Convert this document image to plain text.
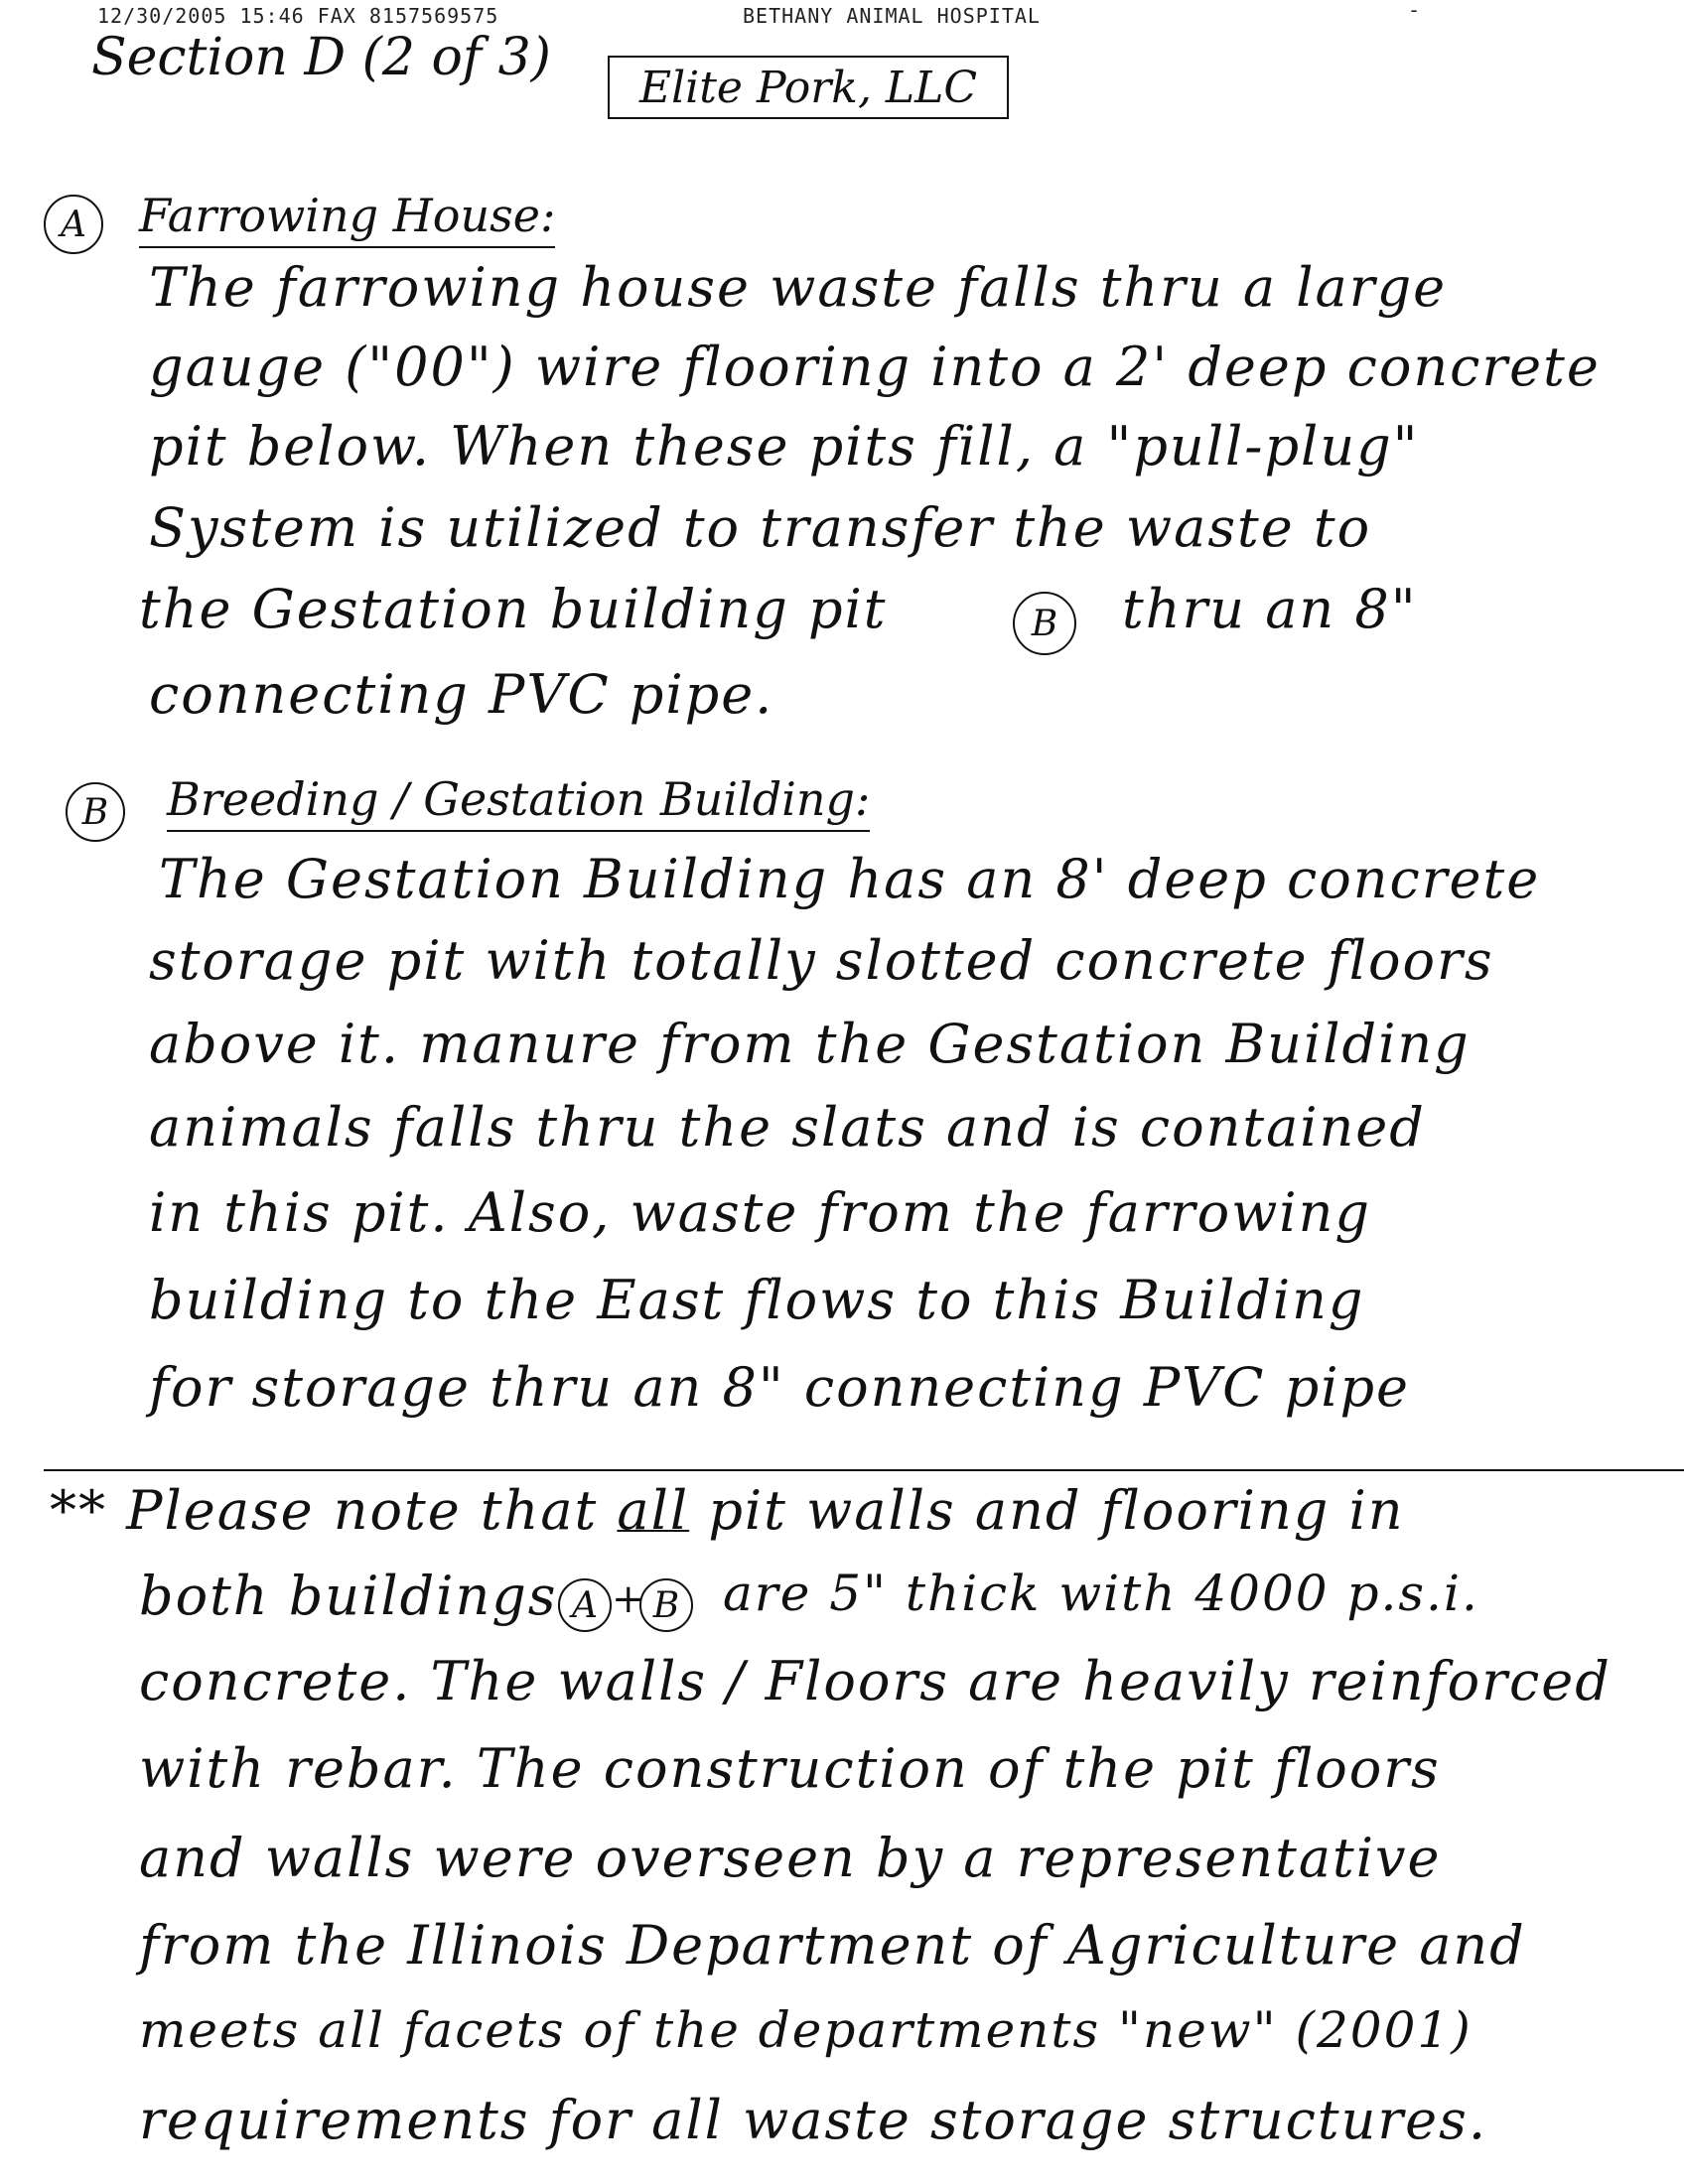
12/30/2005 15:46 FAX 8157569575	BETHANY ANIMAL HOSPITAL	-
Section D (2 of 3) Elite Pork, LLC
A Farrowing House:
The farrowing house waste falls thru a large
gauge ("00") wire flooring into a 2' deep concrete
pit below. When these pits fill, a "pull-plug"
System is utilized to transfer the waste to
the Gestation building pit	B thru an 8"
connecting PVC pipe.
B Breeding / Gestation Building:
The Gestation Building has an 8' deep concrete
storage pit with totally slotted concrete floors
above it. manure from the Gestation Building
animals falls thru the slats and is contained
in this pit. Also, waste from the farrowing
building to the East flows to this Building
for storage thru an 8" connecting PVC pipe
** Please note that all pit walls and flooring in
both buildings A + B are 5" thick with 4000 p.s.i.
concrete. The walls / Floors are heavily reinforced
with rebar. The construction of the pit floors
and walls were overseen by a representative
from the Illinois Department of Agriculture and
meets all facets of the departments "new" (2001)
requirements for all waste storage structures.
